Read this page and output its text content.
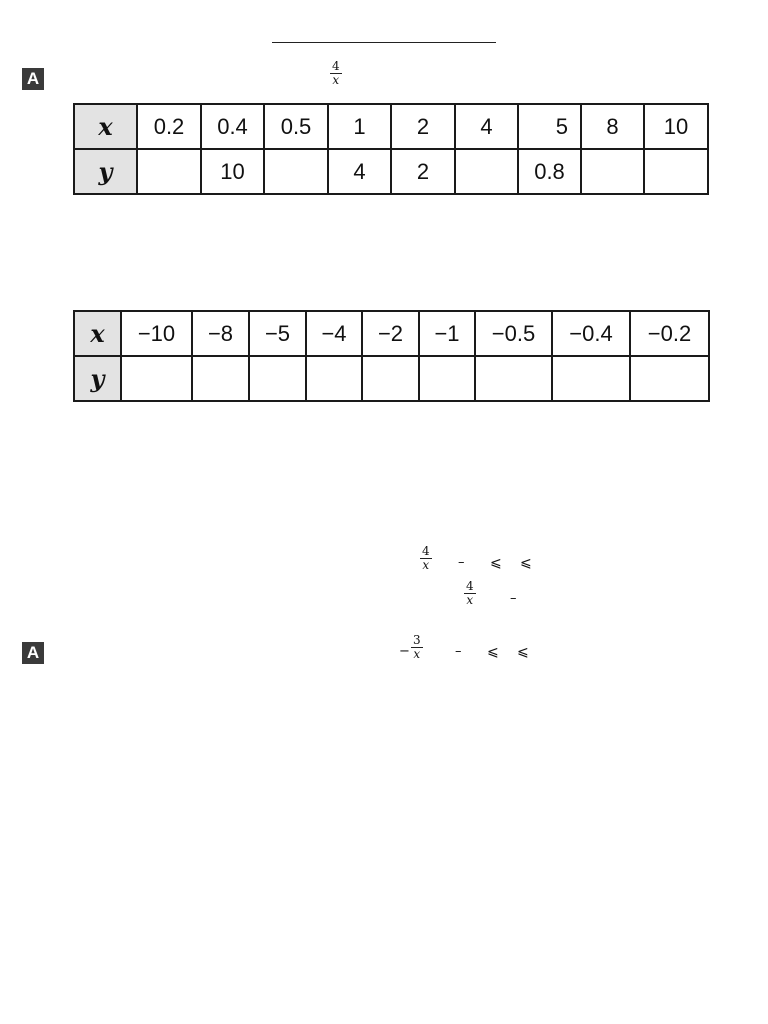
$\frac{4}{x}$
A
x	0.2	0.4	0.5	1	2	4	5	8	10
y		10		4	2		0.8		
x	−10	−8	−5	−4	−2	−1	−0.5	−0.4	−0.2
y									
$\frac{4}{x}$ – ⩽ ⩽
$\frac{4}{x}$	–
A	− $\frac{3}{x}$ – ⩽ ⩽
